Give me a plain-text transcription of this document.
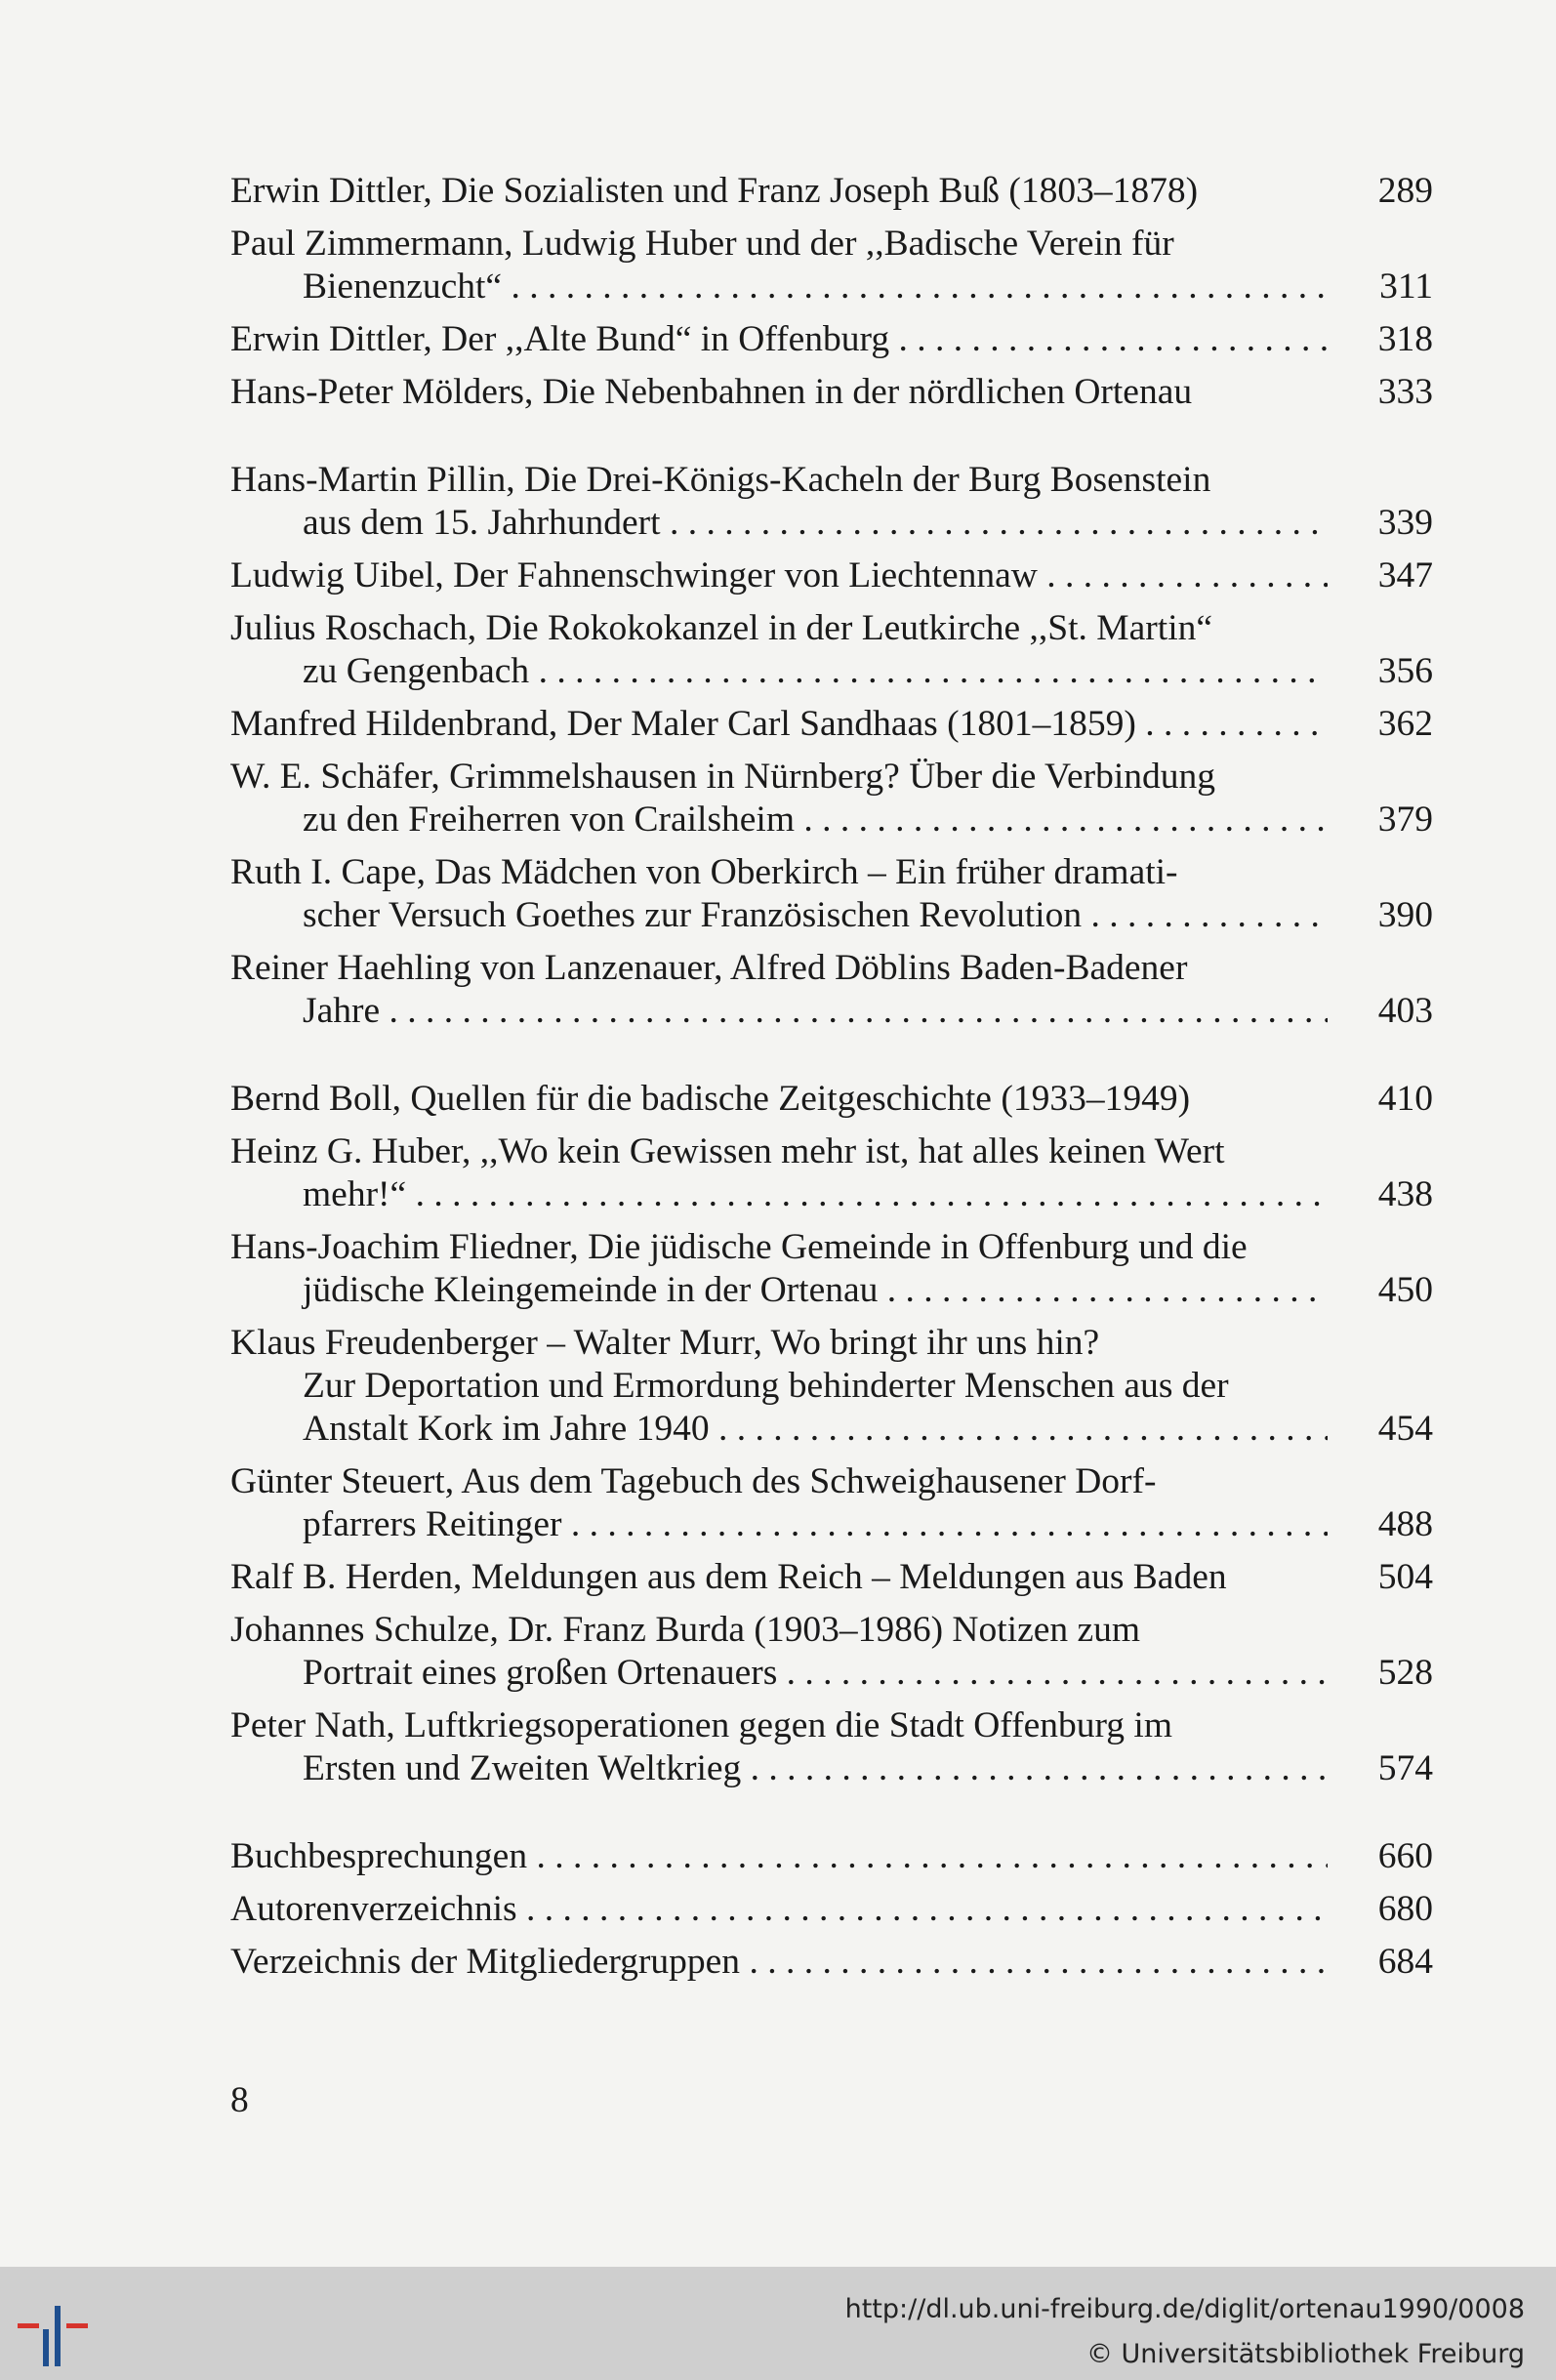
Erwin Dittler, Die Sozialisten und Franz Joseph Buß (1803–1878)	289
Paul Zimmermann, Ludwig Huber und der ,,Badische Verein für
Bienenzucht“ . . .	311
Erwin Dittler, Der ,,Alte Bund“ in Offenburg . . .	318
Hans-Peter Mölders, Die Nebenbahnen in der nördlichen Ortenau	333
Hans-Martin Pillin, Die Drei-Königs-Kacheln der Burg Bosenstein
aus dem 15. Jahrhundert . . .	339
Ludwig Uibel, Der Fahnenschwinger von Liechtennaw . . .	347
Julius Roschach, Die Rokokokanzel in der Leutkirche ,,St. Martin“
zu Gengenbach . . .	356
Manfred Hildenbrand, Der Maler Carl Sandhaas (1801–1859) . . .	362
W. E. Schäfer, Grimmelshausen in Nürnberg? Über die Verbindung
zu den Freiherren von Crailsheim . . .	379
Ruth I. Cape, Das Mädchen von Oberkirch – Ein früher dramati-
scher Versuch Goethes zur Französischen Revolution . . .	390
Reiner Haehling von Lanzenauer, Alfred Döblins Baden-Badener
Jahre . . .	403
Bernd Boll, Quellen für die badische Zeitgeschichte (1933–1949)	410
Heinz G. Huber, ,,Wo kein Gewissen mehr ist, hat alles keinen Wert
mehr!“ . . .	438
Hans-Joachim Fliedner, Die jüdische Gemeinde in Offenburg und die
jüdische Kleingemeinde in der Ortenau . . .	450
Klaus Freudenberger – Walter Murr, Wo bringt ihr uns hin?
Zur Deportation und Ermordung behinderter Menschen aus der
Anstalt Kork im Jahre 1940 . . .	454
Günter Steuert, Aus dem Tagebuch des Schweighausener Dorf-
pfarrers Reitinger . . .	488
Ralf B. Herden, Meldungen aus dem Reich – Meldungen aus Baden	504
Johannes Schulze, Dr. Franz Burda (1903–1986) Notizen zum
Portrait eines großen Ortenauers . . .	528
Peter Nath, Luftkriegsoperationen gegen die Stadt Offenburg im
Ersten und Zweiten Weltkrieg . . .	574
Buchbesprechungen . . .	660
Autorenverzeichnis . . .	680
Verzeichnis der Mitgliedergruppen . . .	684
8
http://dl.ub.uni-freiburg.de/diglit/ortenau1990/0008
© Universitätsbibliothek Freiburg
